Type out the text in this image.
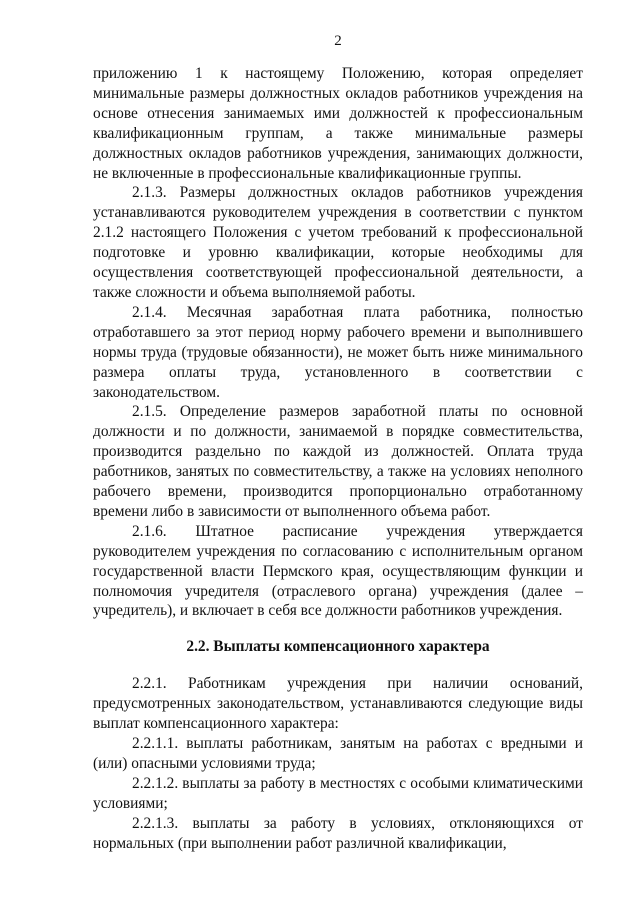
2

приложению 1 к настоящему Положению, которая определяет минимальные размеры должностных окладов работников учреждения на основе отнесения занимаемых ими должностей к профессиональным квалификационным группам, а также минимальные размеры должностных окладов работников учреждения, занимающих должности, не включенные в профессиональные квалификационные группы.

2.1.3. Размеры должностных окладов работников учреждения устанавливаются руководителем учреждения в соответствии с пунктом 2.1.2 настоящего Положения с учетом требований к профессиональной подготовке и уровню квалификации, которые необходимы для осуществления соответствующей профессиональной деятельности, а также сложности и объема выполняемой работы.

2.1.4. Месячная заработная плата работника, полностью отработавшего за этот период норму рабочего времени и выполнившего нормы труда (трудовые обязанности), не может быть ниже минимального размера оплаты труда, установленного в соответствии с законодательством.

2.1.5. Определение размеров заработной платы по основной должности и по должности, занимаемой в порядке совместительства, производится раздельно по каждой из должностей. Оплата труда работников, занятых по совместительству, а также на условиях неполного рабочего времени, производится пропорционально отработанному времени либо в зависимости от выполненного объема работ.

2.1.6. Штатное расписание учреждения утверждается руководителем учреждения по согласованию с исполнительным органом государственной власти Пермского края, осуществляющим функции и полномочия учредителя (отраслевого органа) учреждения (далее – учредитель), и включает в себя все должности работников учреждения.

2.2. Выплаты компенсационного характера

2.2.1. Работникам учреждения при наличии оснований, предусмотренных законодательством, устанавливаются следующие виды выплат компенсационного характера:

2.2.1.1. выплаты работникам, занятым на работах с вредными и (или) опасными условиями труда;

2.2.1.2. выплаты за работу в местностях с особыми климатическими условиями;

2.2.1.3. выплаты за работу в условиях, отклоняющихся от нормальных (при выполнении работ различной квалификации,
